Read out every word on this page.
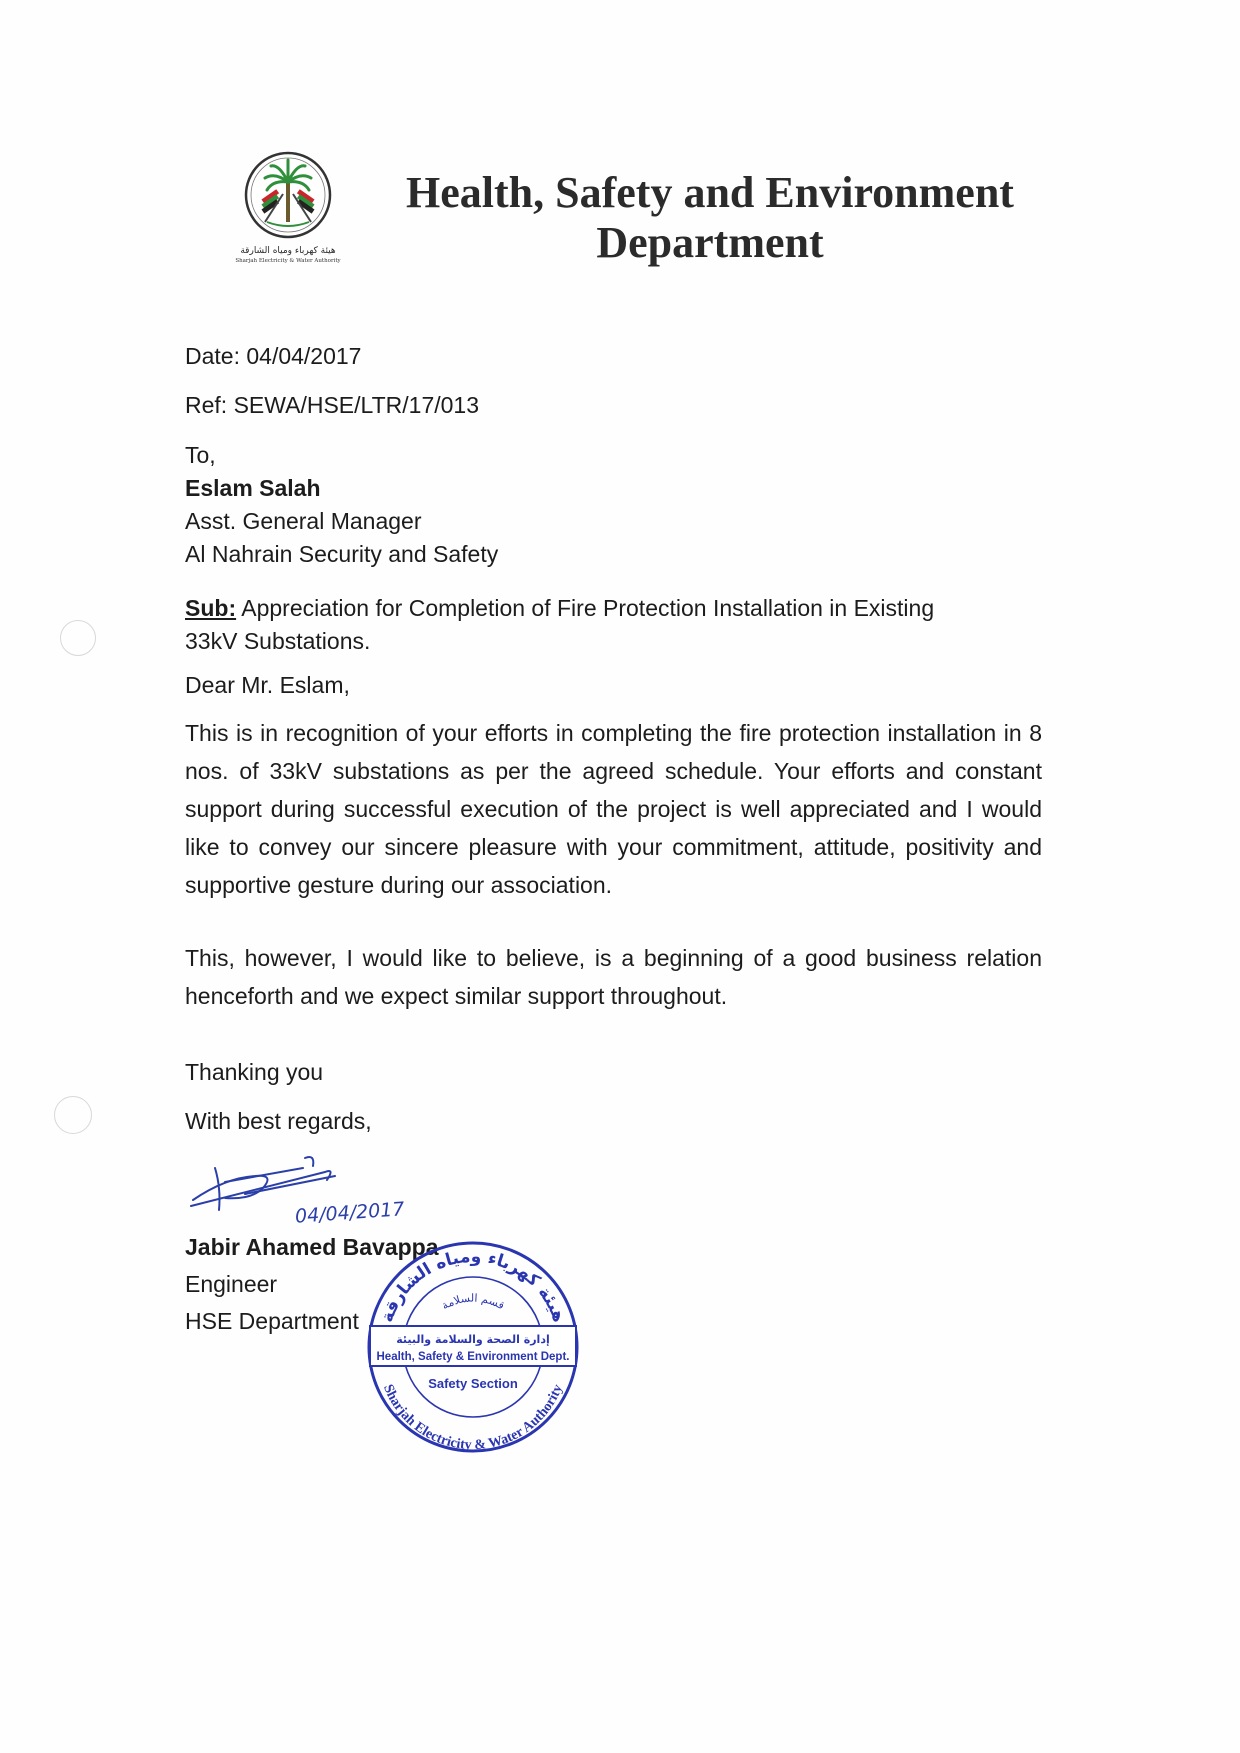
هيئة كهرباء ومياه الشارقة
Sharjah Electricity & Water Authority
Health, Safety and Environment
Department
Date: 04/04/2017
Ref: SEWA/HSE/LTR/17/013
To,
Eslam Salah
Asst. General Manager
Al Nahrain Security and Safety
Sub: Appreciation for Completion of Fire Protection Installation in Existing
33kV Substations.
Dear Mr. Eslam,
This is in recognition of your efforts in completing the fire protection installation in 8 nos. of 33kV substations as per the agreed schedule. Your efforts and constant support during successful execution of the project is well appreciated and I would like to convey our sincere pleasure with your commitment, attitude, positivity and supportive gesture during our association.
This, however, I would like to believe, is a beginning of a good business relation henceforth and we expect similar support throughout.
Thanking you
With best regards,
04/04/2017
Jabir Ahamed Bavappa
Engineer
HSE Department هيئة كهرباء ومياه الشارقة
قسم السلامة
إدارة الصحة والسلامة والبيئة
Health, Safety & Environment Dept.
Safety Section
Sharjah Electricity & Water Authority
